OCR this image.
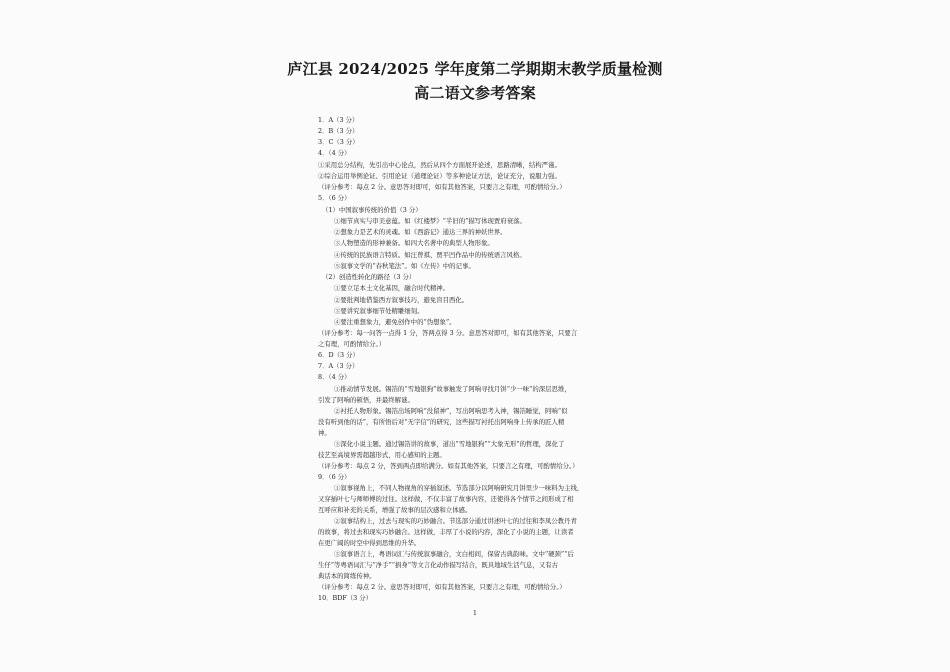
庐江县 2024/2025 学年度第二学期期末教学质量检测
高二语文参考答案
1．A（3 分）
2．B（3 分）
3．C（3 分）
4．（4 分）
①采用总分结构，先引出中心论点，然后从四个方面展开论述，思路清晰，结构严谨。
②综合运用举例论证、引用论证（道理论证）等多种论证方法，论证充分，说服力强。
（评分参考：每点 2 分。意思答对即可，如有其他答案，只要言之有理，可酌情给分。）
5．（6 分）
（1）中国叙事传统的价值（3 分）
①细节真实与审美意蕴。如《红楼梦》“半旧的”描写体现贾府衰落。
②想象力是艺术的灵魂。如《西游记》通达三界的神妖世界。
③人物塑造的形神兼备。如四大名著中的典型人物形象。
④传统的民族语言特质。如汪曾祺、贾平凹作品中的传统语言风格。
⑤叙事文学的“春秋笔法”。如《左传》中的记事。
（2）创造性转化的路径（3 分）
①要立足本土文化基因，融合时代精神。
②要批判地借鉴西方叙事技巧，避免盲目西化。
③要讲究叙事细节处精雕细刻。
④要注重想象力，避免创作中的“伪想象”。
（评分参考：每一问答一点得 1 分，答两点得 3 分。意思答对即可，如有其他答案，只要言
之有理，可酌情给分。）
6．D（3 分）
7．A（3 分）
8．（4 分）
①推动情节发展。锡箔的“雪地银狗”故事触发了阿响寻找月饼“少一味”的深层思维，
引发了阿响的顿悟，并最终解谜。
②衬托人物形象。锡箔出场阿响“没留神”，写出阿响思考入神，锡箔睡觉，阿响“似
没有听到他的话”，有所悟后对“无字信”的研究，这些描写衬托出阿响身上传承的匠人精
神。
③深化小说主题。通过锡箔讲的故事，道出“雪地银狗”“大象无形”的哲理，深化了
技艺至高境界需超越形式，用心感知的主题。
（评分参考：每点 2 分，答到两点即给满分。如有其他答案，只要言之有理，可酌情给分。）
9．（6 分）
①叙事视角上，不同人物视角的穿插叙述。节选部分以阿响研究月饼里少一味料为主线，
又穿插叶七与师师傅的过往。这样做，不仅丰富了故事内容，还使得各个情节之间形成了相
互呼应和补充的关系，增强了故事的层次感和立体感。
②叙事结构上，过去与现实的巧妙融合。节选部分通过讲述叶七的过往和李凤公教丹青
的故事，将过去和现实巧妙融合。这样做，丰厚了小说的内容，深化了小说的主题，让读者
在更广阔的时空中得到思维的升华。
③叙事语言上，粤语词汇与传统叙事融合，文白相间，保留古典韵味。文中“硬颈”“后
生仔”等粤语词汇与“净手”“捐身”等文言化动作描写结合，既具地域生活气息，又有古
典话本的简练传神。
（评分参考：每点 2 分。意思答对即可，如有其他答案，只要言之有理，可酌情给分。）
10．BDF（3 分）
1
